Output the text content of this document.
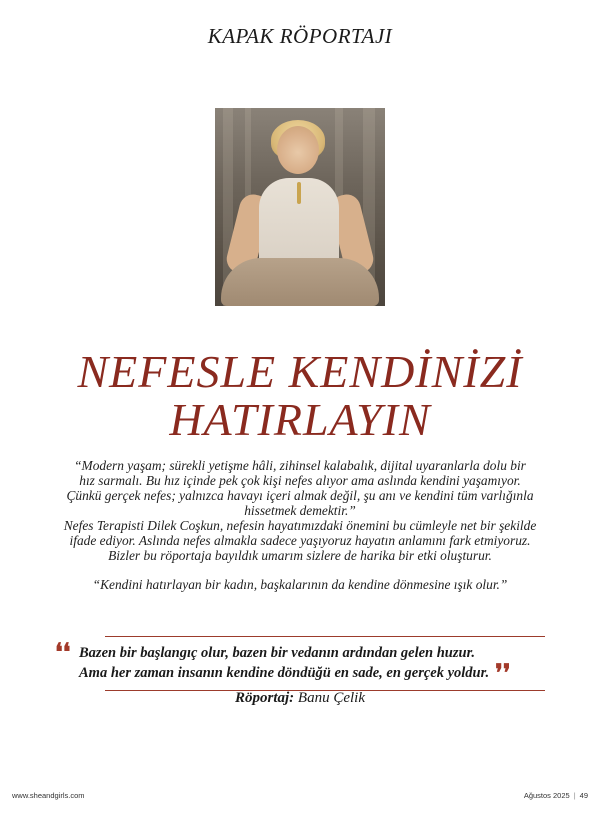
KAPAK RÖPORTAJI
NEFESLE KENDİNİZİ
HATIRLAYIN

“Modern yaşam; sürekli yetişme hâli, zihinsel kalabalık, dijital uyaranlarla dolu bir

hız sarmalı. Bu hız içinde pek çok kişi nefes alıyor ama aslında kendini yaşamıyor.

Çünkü gerçek nefes; yalnızca havayı içeri almak değil, şu anı ve kendini tüm varlığınla

hissetmek demektir.”

Nefes Terapisti Dilek Coşkun, nefesin hayatımızdaki önemini bu cümleyle net bir şekilde

ifade ediyor. Aslında nefes almakla sadece yaşıyoruz hayatın anlamını fark etmiyoruz.

Bizler bu röportaja bayıldık umarım sizlere de harika bir etki oluşturur.

“Kendini hatırlayan bir kadın, başkalarının da kendine dönmesine ışık olur.”

❛❛ Bazen bir başlangıç olur, bazen bir vedanın ardından gelen huzur.
Ama her zaman insanın kendine döndüğü en sade, en gerçek yoldur. ❜❜
Röportaj: Banu Çelik
www.sheandgirls.com	Ağustos 2025 | 49
